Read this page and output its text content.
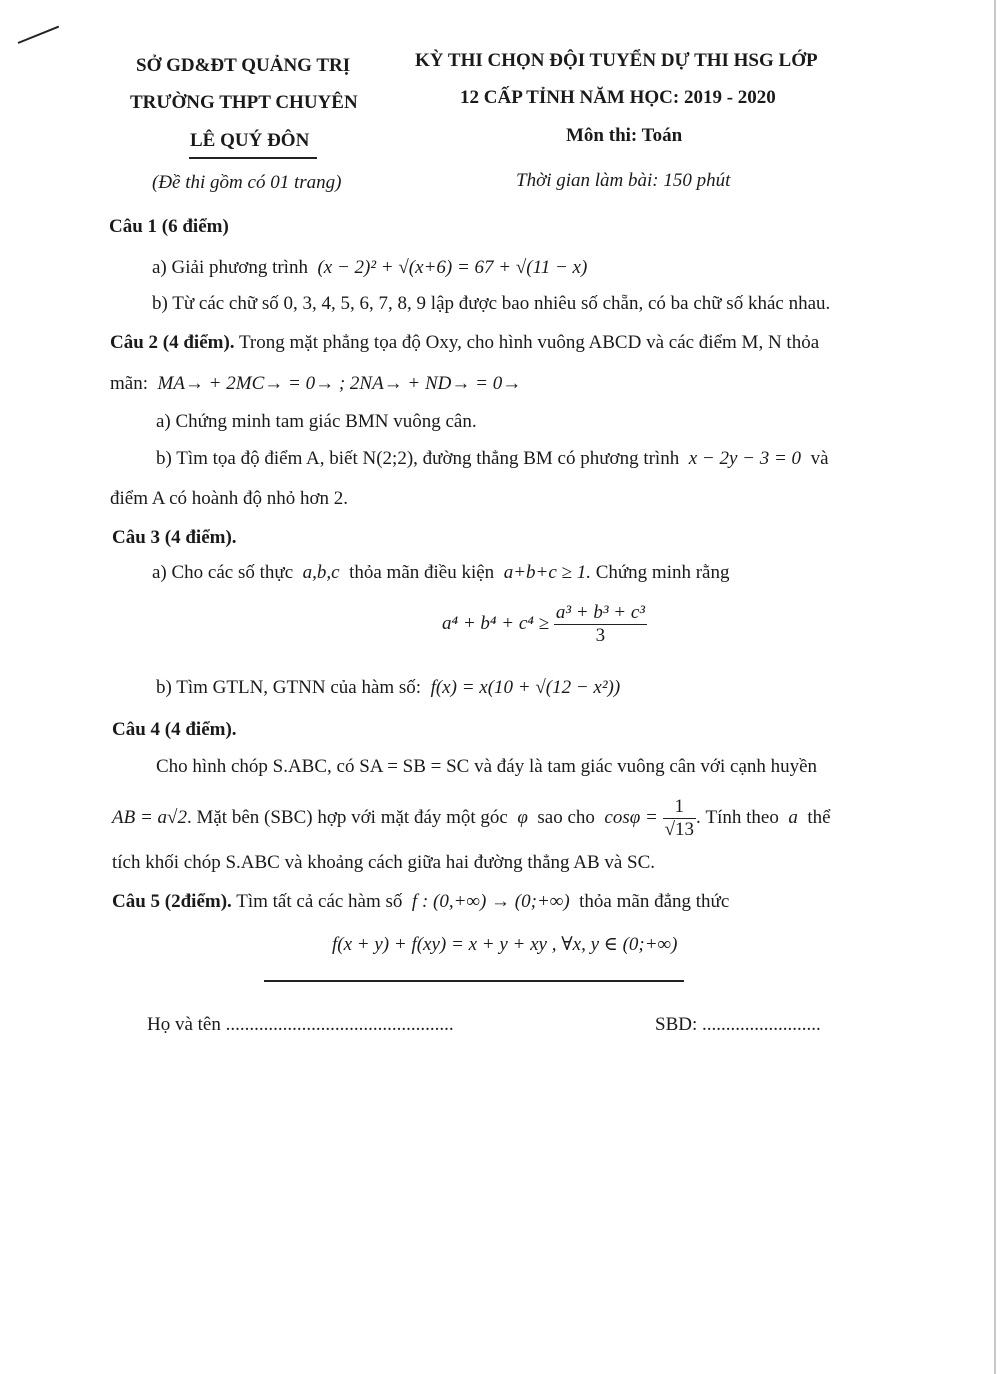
SỞ GD&ĐT QUẢNG TRỊ
TRƯỜNG THPT CHUYÊN
LÊ QUÝ ĐÔN
(Đề thi gồm có 01 trang)
KỲ THI CHỌN ĐỘI TUYỂN DỰ THI HSG LỚP
12 CẤP TỈNH NĂM HỌC: 2019 - 2020
Môn thi: Toán
Thời gian làm bài: 150 phút
Câu 1 (6 điểm)
a) Giải phương trình (x − 2)² + √(x+6) = 67 + √(11 − x)
b) Từ các chữ số 0, 3, 4, 5, 6, 7, 8, 9 lập được bao nhiêu số chẵn, có ba chữ số khác nhau.
Câu 2 (4 điểm). Trong mặt phẳng tọa độ Oxy, cho hình vuông ABCD và các điểm M, N thỏa
mãn: MA→ + 2MC→ = 0→ ; 2NA→ + ND→ = 0→
a) Chứng minh tam giác BMN vuông cân.
b) Tìm tọa độ điểm A, biết N(2;2), đường thẳng BM có phương trình x − 2y − 3 = 0 và
điểm A có hoành độ nhỏ hơn 2.
Câu 3 (4 điểm).
a) Cho các số thực a,b,c thỏa mãn điều kiện a+b+c ≥ 1. Chứng minh rằng
$a^4 + b^4 + c^4 \ge \frac{\text{a³ + b³ + c³}}{3}$
b) Tìm GTLN, GTNN của hàm số: f(x) = x(10 + √(12 − x²))
Câu 4 (4 điểm).
Cho hình chóp S.ABC, có SA = SB = SC và đáy là tam giác vuông cân với cạnh huyền
AB = a√2. Mặt bên (SBC) hợp với mặt đáy một góc φ sao cho $\cos\varphi = \frac{1}{√13}$ . Tính theo a thể
tích khối chóp S.ABC và khoảng cách giữa hai đường thẳng AB và SC.
Câu 5 (2điểm). Tìm tất cả các hàm số f : (0,+∞) → (0;+∞) thỏa mãn đẳng thức
f(x + y) + f(xy) = x + y + xy , ∀x, y ∈ (0;+∞)
Họ và tên ................................................	SBD: .........................
